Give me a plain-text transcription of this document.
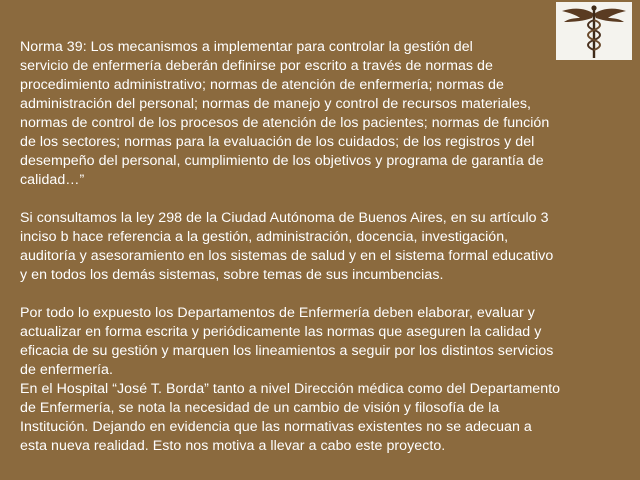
Norma 39: Los mecanismos a implementar para controlar la gestión del
servicio de enfermería deberán definirse por escrito a través de normas de
procedimiento administrativo; normas de atención de enfermería; normas de
administración del personal; normas de manejo y control de recursos materiales,
normas de control de los procesos de atención de los pacientes; normas de función
de los sectores; normas para la evaluación de los cuidados; de los registros y del
desempeño del personal, cumplimiento de los objetivos y programa de garantía de
calidad…”

Si consultamos la ley 298 de la Ciudad Autónoma de Buenos Aires, en su artículo 3
inciso b hace referencia a la gestión, administración, docencia, investigación,
auditoría y asesoramiento en los sistemas de salud y en el sistema formal educativo
y en todos los demás sistemas, sobre temas de sus incumbencias.

Por todo lo expuesto los Departamentos de Enfermería deben elaborar, evaluar y
actualizar en forma escrita y periódicamente las normas que aseguren la calidad y
eficacia de su gestión y marquen los lineamientos a seguir por los distintos servicios
de enfermería.
En el Hospital “José T. Borda” tanto a nivel Dirección médica como del Departamento
de Enfermería, se nota la necesidad de un cambio de visión y filosofía de la
Institución. Dejando en evidencia que las normativas existentes no se adecuan a
esta nueva realidad. Esto nos motiva a llevar a cabo este proyecto.
